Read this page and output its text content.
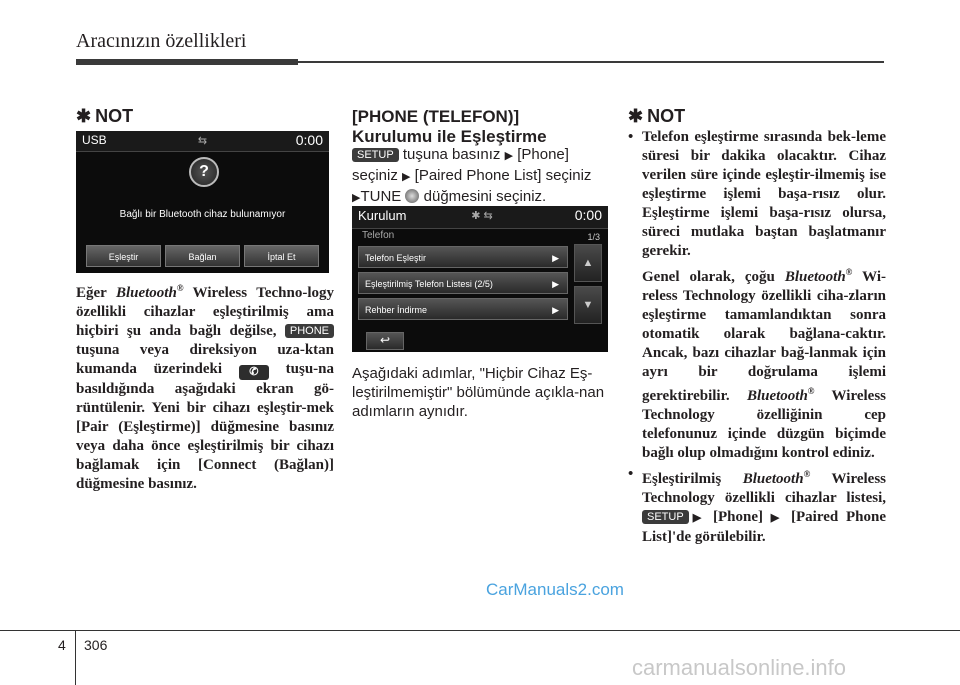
Aracınızın özellikleri
✱ NOT
USB	⇆	0:00
?
Bağlı bir Bluetooth cihaz bulunamıyor
Eşleştir	Bağlan	İptal Et
Eğer Bluetooth® Wireless Techno-logy özellikli cihazlar eşleştirilmiş ama hiçbiri şu anda bağlı değilse, PHONE tuşuna veya direksiyon uza-ktan kumanda üzerindeki ✆ tuşu-na basıldığında aşağıdaki ekran gö-rüntülenir. Yeni bir cihazı eşleştir-mek [Pair (Eşleştirme)] düğmesine basınız veya daha önce eşleştirilmiş bir cihazı bağlamak için [Connect (Bağlan)] düğmesine basınız.
[PHONE (TELEFON)]
Kurulumu ile Eşleştirme
SETUP tuşuna basınız ▶ [Phone] seçiniz ▶ [Paired Phone List] seçiniz ▶TUNE  düğmesini seçiniz.
Kurulum	✱ ⇆	0:00
Telefon	1/3
Telefon Eşleştir	▶
Eşleştirilmiş Telefon Listesi (2/5)	▶
Rehber İndirme	▶
▲
▼
↩
Aşağıdaki adımlar, "Hiçbir Cihaz Eş-leştirilmemiştir" bölümünde açıkla-nan adımların aynıdır.
✱ NOT
• Telefon eşleştirme sırasında bek-leme süresi bir dakika olacaktır. Cihaz verilen süre içinde eşleştir-ilmemiş ise eşleştirme işlemi başa-rısız olur. Eşleştirme işlemi başa-rısız olursa, süreci mutlaka baştan başlatmanır gerekir.
Genel olarak, çoğu Bluetooth® Wi-reless Technology özellikli ciha-zların eşleştirme tamamlandıktan sonra otomatik olarak bağlana-caktır. Ancak, bazı cihazlar bağ-lanmak için ayrı bir doğrulama işlemi gerektirebilir. Bluetooth® Wireless Technology özelliğinin cep telefonunuz içinde düzgün biçimde bağlı olup olmadığını kontrol ediniz.
• Eşleştirilmiş Bluetooth® Wireless Technology özellikli cihazlar listesi, SETUP ▶ [Phone] ▶ [Paired Phone List]'de görülebilir.
CarManuals2.com
4 306
carmanualsonline.info
